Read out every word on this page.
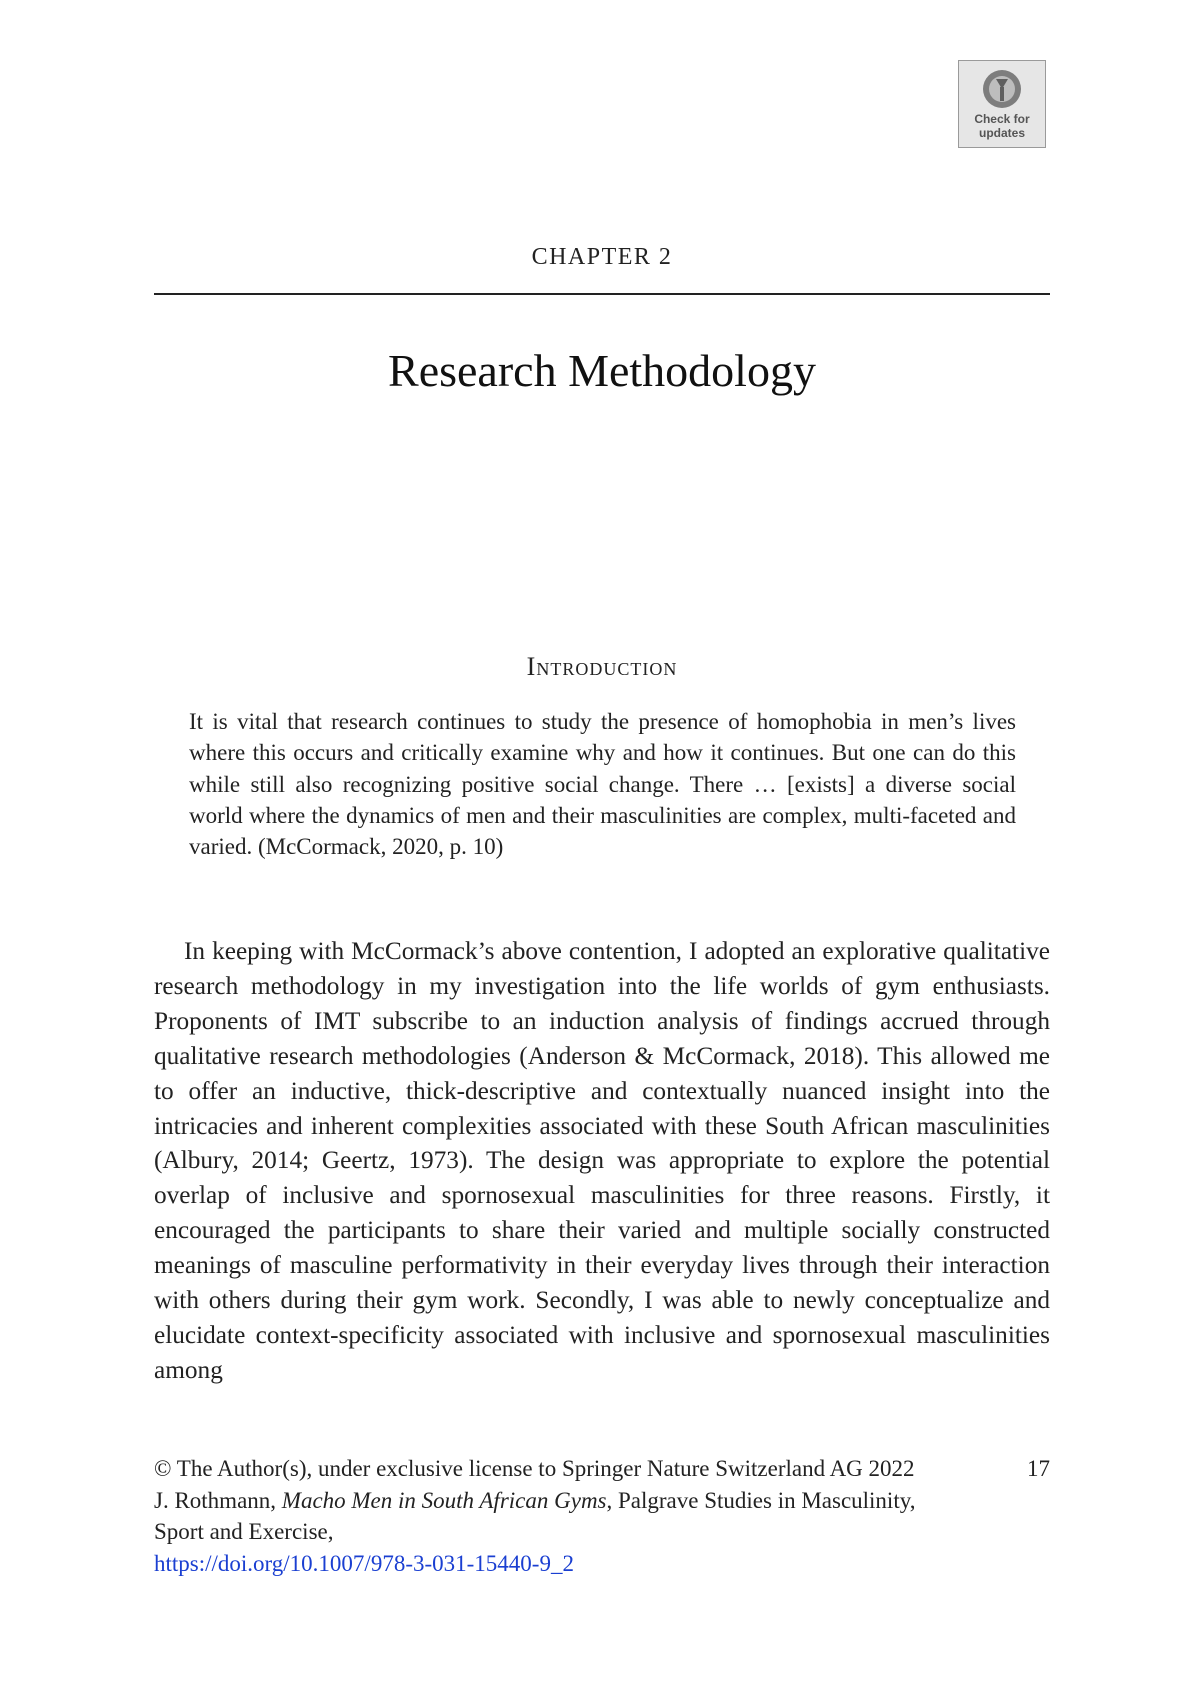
Check for
updates
CHAPTER 2
Research Methodology
Introduction

It is vital that research continues to study the presence of homophobia in men’s lives where this occurs and critically examine why and how it continues. But one can do this while still also recognizing positive social change. There … [exists] a diverse social world where the dynamics of men and their masculinities are complex, multi-faceted and varied. (McCormack, 2020, p. 10)

In keeping with McCormack’s above contention, I adopted an explorative qualitative research methodology in my investigation into the life worlds of gym enthusiasts. Proponents of IMT subscribe to an induction analysis of findings accrued through qualitative research methodologies (Anderson & McCormack, 2018). This allowed me to offer an inductive, thick-descriptive and contextually nuanced insight into the intricacies and inherent complexities associated with these South African masculinities (Albury, 2014; Geertz, 1973). The design was appropriate to explore the potential overlap of inclusive and spornosexual masculinities for three reasons. Firstly, it encouraged the participants to share their varied and multiple socially constructed meanings of masculine performativity in their everyday lives through their interaction with others during their gym work. Secondly, I was able to newly conceptualize and elucidate context-specificity associated with inclusive and spornosexual masculinities among

© The Author(s), under exclusive license to Springer Nature Switzerland AG 2022

J. Rothmann, Macho Men in South African Gyms, Palgrave Studies in Masculinity, Sport and Exercise,

https://doi.org/10.1007/978-3-031-15440-9_2

17
